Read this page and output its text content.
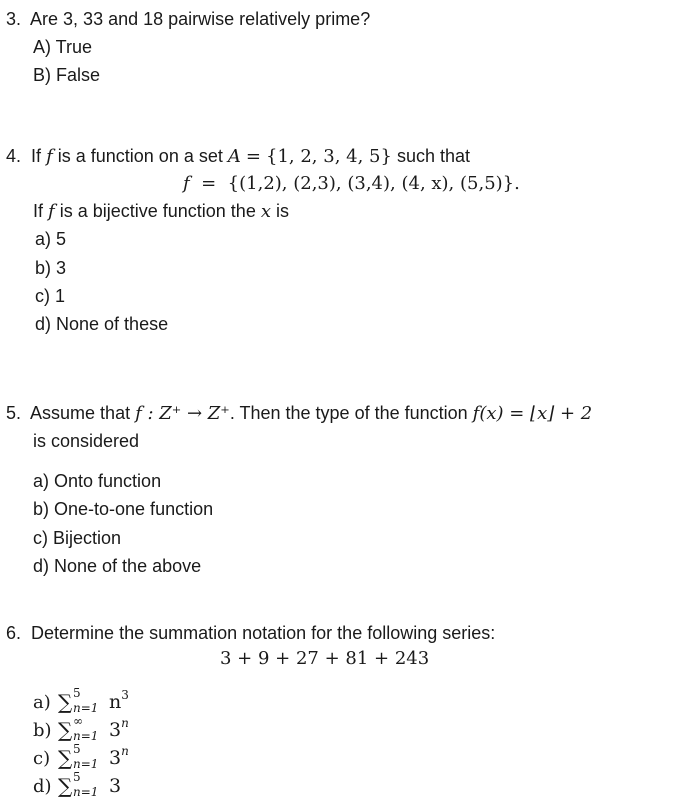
3. Are 3, 33 and 18 pairwise relatively prime?
A) True
B) False
4. If f is a function on a set A = {1, 2, 3, 4, 5} such that
f = {(1,2), (2,3), (3,4), (4, x), (5,5)}.
If f is a bijective function the x is
a) 5
b) 3
c) 1
d) None of these
5. Assume that f : Z⁺ → Z⁺. Then the type of the function f(x) = ⌊x⌋ + 2
is considered
a) Onto function
b) One-to-one function
c) Bijection
d) None of the above
6. Determine the summation notation for the following series:
3 + 9 + 27 + 81 + 243
a) ∑ 5
n=1 $n^3$
b) ∑ ∞
n=1 3$^n$
c) ∑ 5
n=1 3$^n$
d) ∑ 5
n=1 3
